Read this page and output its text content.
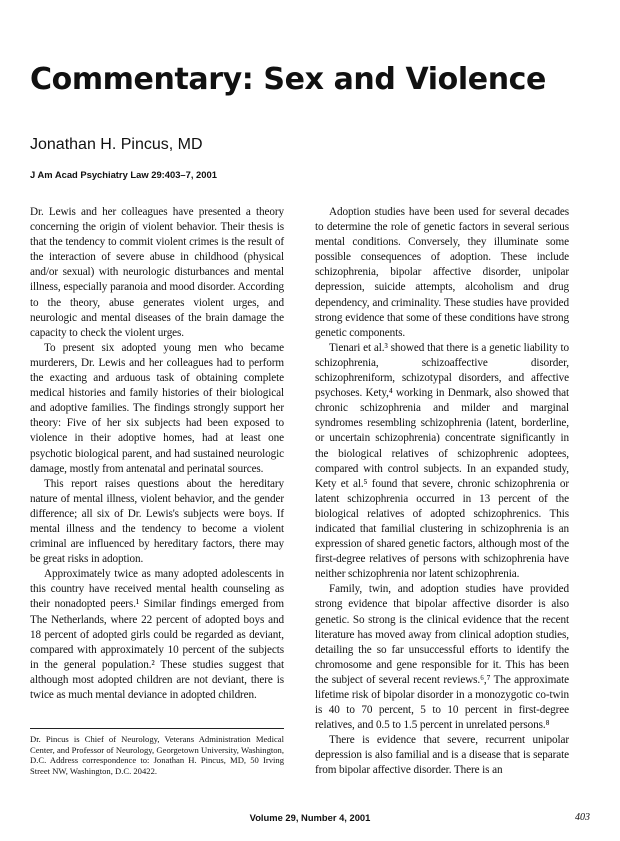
Commentary: Sex and Violence

Jonathan H. Pincus, MD

J Am Acad Psychiatry Law 29:403–7, 2001

Dr. Lewis and her colleagues have presented a theory concerning the origin of violent behavior. Their thesis is that the tendency to commit violent crimes is the result of the interaction of severe abuse in childhood (physical and/or sexual) with neurologic disturbances and mental illness, especially paranoia and mood disorder. According to the theory, abuse generates violent urges, and neurologic and mental diseases of the brain damage the capacity to check the violent urges.

To present six adopted young men who became murderers, Dr. Lewis and her colleagues had to perform the exacting and arduous task of obtaining complete medical histories and family histories of their biological and adoptive families. The findings strongly support her theory: Five of her six subjects had been exposed to violence in their adoptive homes, had at least one psychotic biological parent, and had sustained neurologic damage, mostly from antenatal and perinatal sources.

This report raises questions about the hereditary nature of mental illness, violent behavior, and the gender difference; all six of Dr. Lewis's subjects were boys. If mental illness and the tendency to become a violent criminal are influenced by hereditary factors, there may be great risks in adoption.

Approximately twice as many adopted adolescents in this country have received mental health counseling as their nonadopted peers.¹ Similar findings emerged from The Netherlands, where 22 percent of adopted boys and 18 percent of adopted girls could be regarded as deviant, compared with approximately 10 percent of the subjects in the general population.² These studies suggest that although most adopted children are not deviant, there is twice as much mental deviance in adopted children.

Dr. Pincus is Chief of Neurology, Veterans Administration Medical Center, and Professor of Neurology, Georgetown University, Washington, D.C. Address correspondence to: Jonathan H. Pincus, MD, 50 Irving Street NW, Washington, D.C. 20422.

Adoption studies have been used for several decades to determine the role of genetic factors in several serious mental conditions. Conversely, they illuminate some possible consequences of adoption. These include schizophrenia, bipolar affective disorder, unipolar depression, suicide attempts, alcoholism and drug dependency, and criminality. These studies have provided strong evidence that some of these conditions have strong genetic components.

Tienari et al.³ showed that there is a genetic liability to schizophrenia, schizoaffective disorder, schizophreniform, schizotypal disorders, and affective psychoses. Kety,⁴ working in Denmark, also showed that chronic schizophrenia and milder and marginal syndromes resembling schizophrenia (latent, borderline, or uncertain schizophrenia) concentrate significantly in the biological relatives of schizophrenic adoptees, compared with control subjects. In an expanded study, Kety et al.⁵ found that severe, chronic schizophrenia or latent schizophrenia occurred in 13 percent of the biological relatives of adopted schizophrenics. This indicated that familial clustering in schizophrenia is an expression of shared genetic factors, although most of the first-degree relatives of persons with schizophrenia have neither schizophrenia nor latent schizophrenia.

Family, twin, and adoption studies have provided strong evidence that bipolar affective disorder is also genetic. So strong is the clinical evidence that the recent literature has moved away from clinical adoption studies, detailing the so far unsuccessful efforts to identify the chromosome and gene responsible for it. This has been the subject of several recent reviews.⁶,⁷ The approximate lifetime risk of bipolar disorder in a monozygotic co-twin is 40 to 70 percent, 5 to 10 percent in first-degree relatives, and 0.5 to 1.5 percent in unrelated persons.⁸

There is evidence that severe, recurrent unipolar depression is also familial and is a disease that is separate from bipolar affective disorder. There is an

Volume 29, Number 4, 2001	403
